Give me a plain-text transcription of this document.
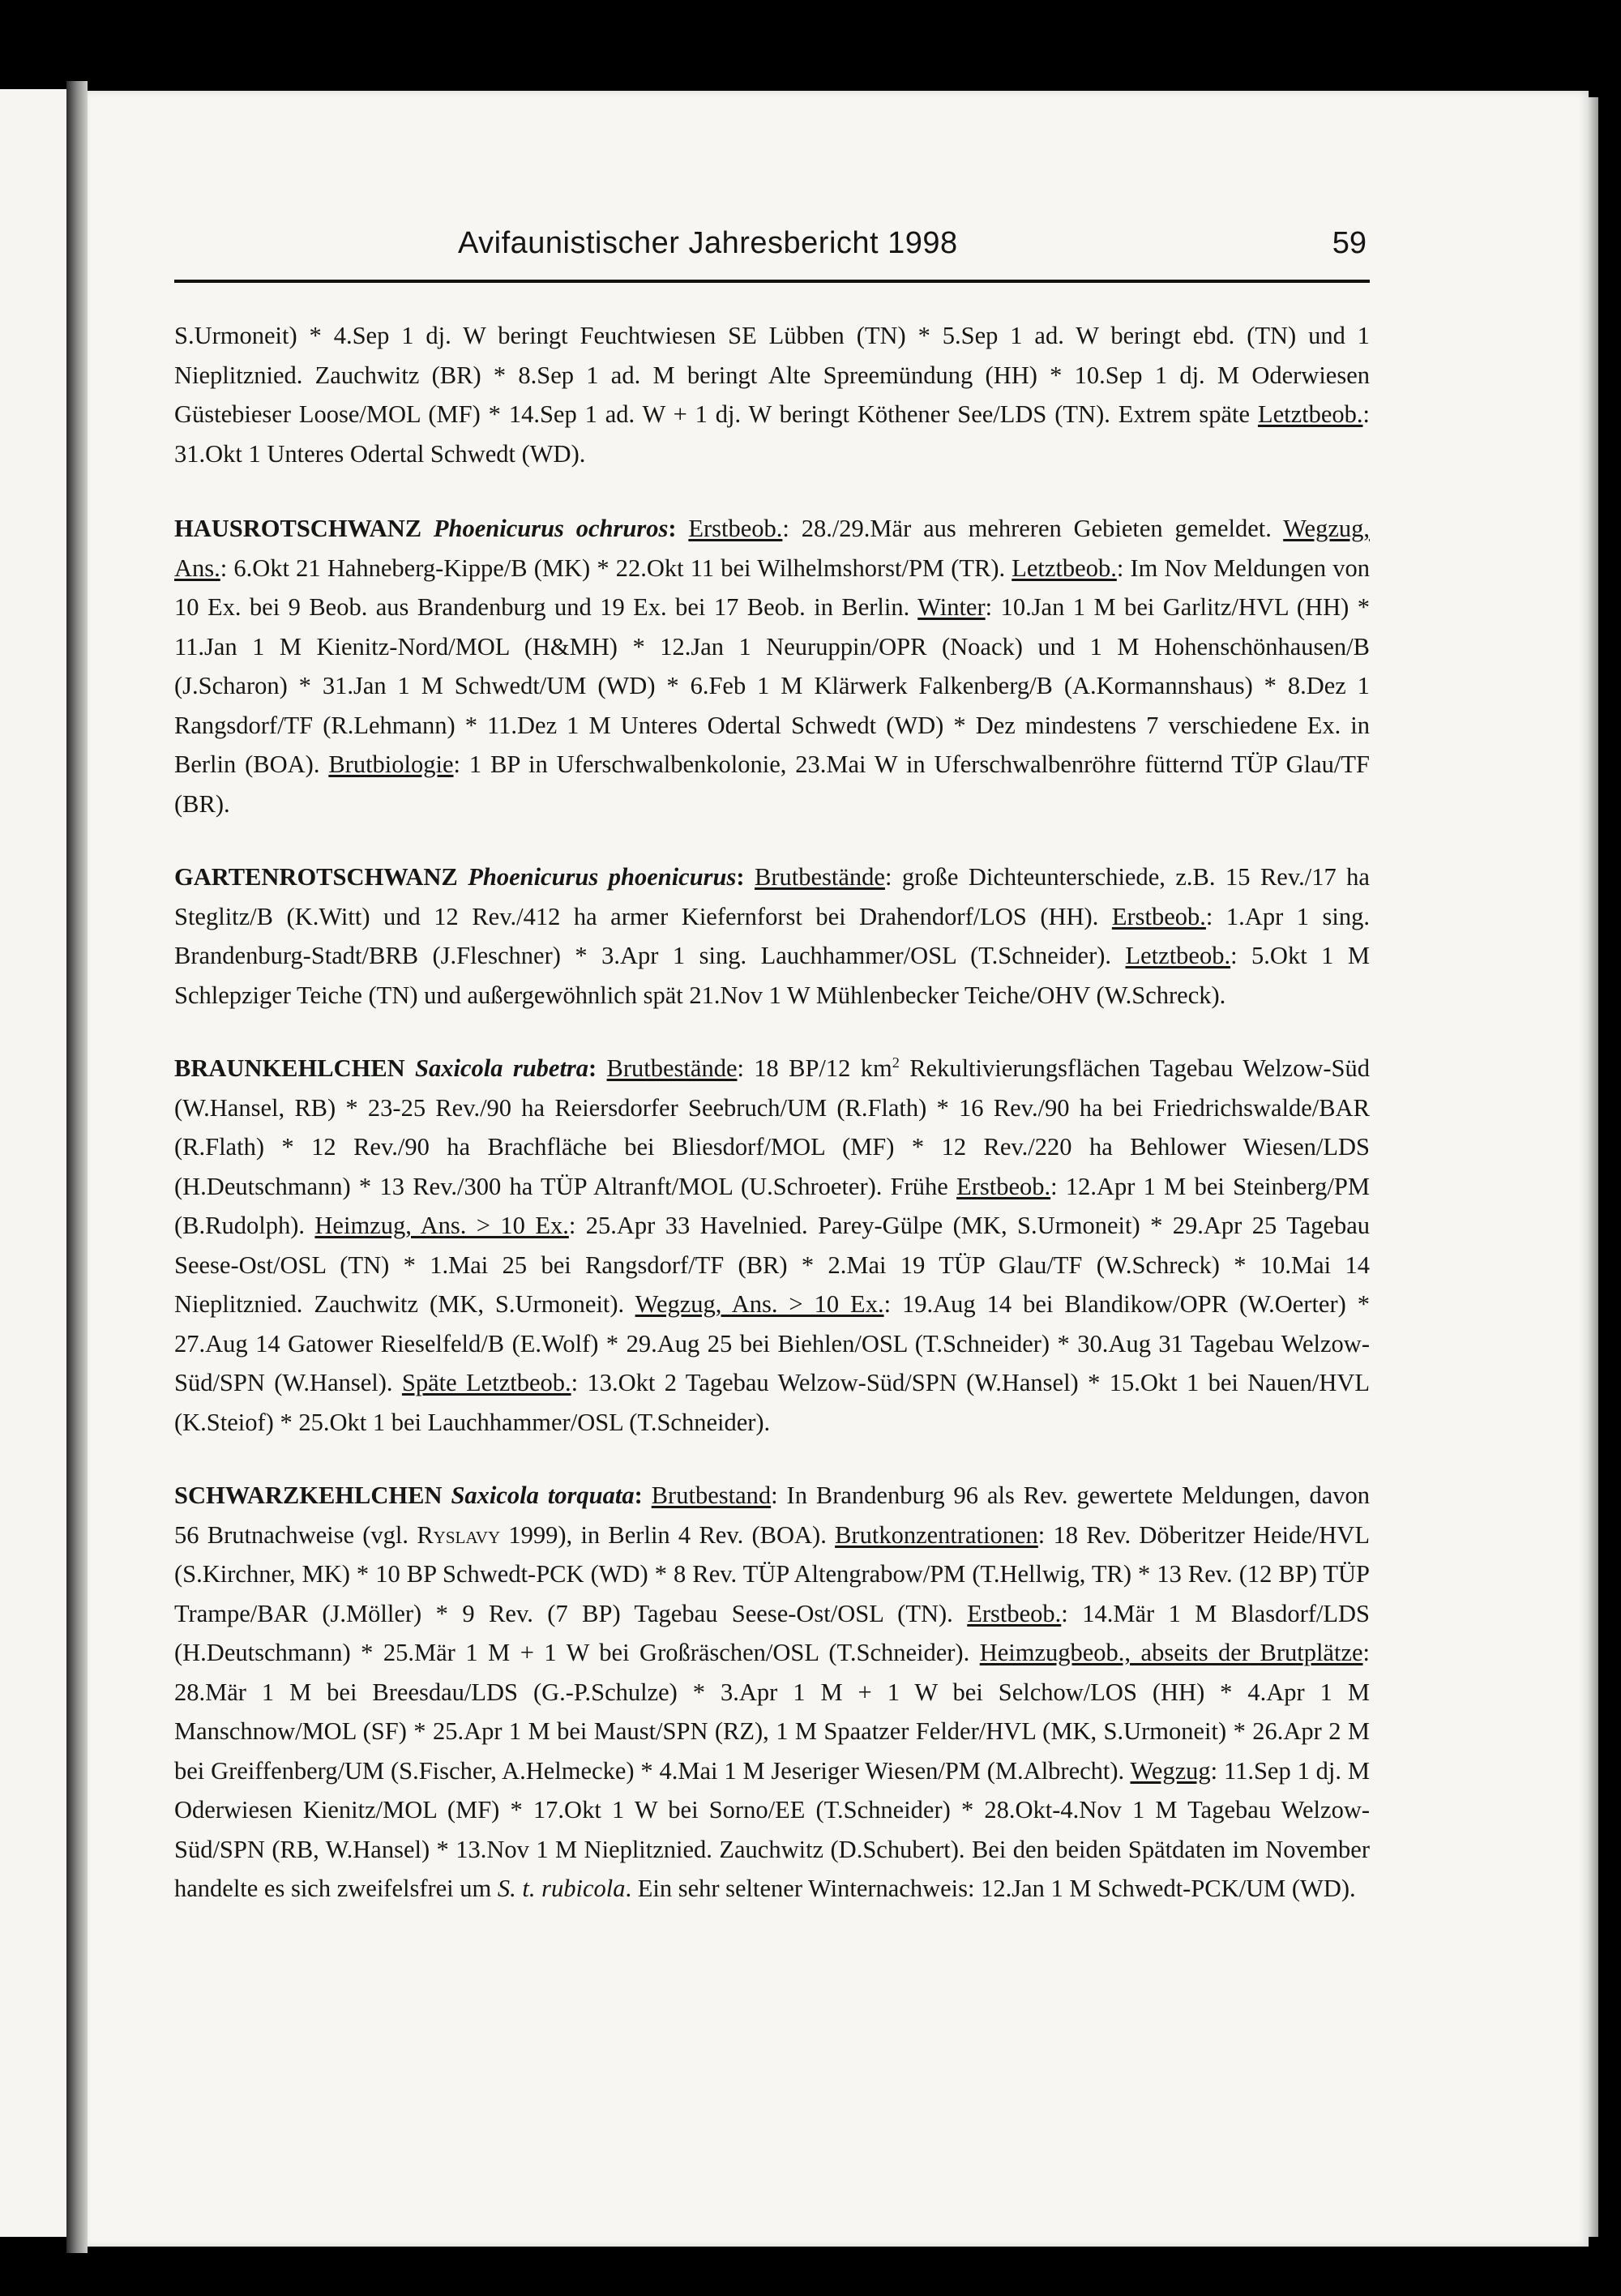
Avifaunistischer Jahresbericht 1998	59

S.Urmoneit) * 4.Sep 1 dj. W beringt Feuchtwiesen SE Lübben (TN) * 5.Sep 1 ad. W beringt ebd. (TN) und 1 Nieplitznied. Zauchwitz (BR) * 8.Sep 1 ad. M beringt Alte Spreemündung (HH) * 10.Sep 1 dj. M Oderwiesen Güstebieser Loose/MOL (MF) * 14.Sep 1 ad. W + 1 dj. W beringt Köthener See/LDS (TN). Extrem späte Letztbeob.: 31.Okt 1 Unteres Odertal Schwedt (WD).

HAUSROTSCHWANZ Phoenicurus ochruros: Erstbeob.: 28./29.Mär aus mehreren Gebieten gemeldet. Wegzug, Ans.: 6.Okt 21 Hahneberg-Kippe/B (MK) * 22.Okt 11 bei Wilhelmshorst/PM (TR). Letztbeob.: Im Nov Meldungen von 10 Ex. bei 9 Beob. aus Brandenburg und 19 Ex. bei 17 Beob. in Berlin. Winter: 10.Jan 1 M bei Garlitz/HVL (HH) * 11.Jan 1 M Kienitz-Nord/MOL (H&MH) * 12.Jan 1 Neuruppin/OPR (Noack) und 1 M Hohenschönhausen/B (J.Scharon) * 31.Jan 1 M Schwedt/UM (WD) * 6.Feb 1 M Klärwerk Falkenberg/B (A.Kormannshaus) * 8.Dez 1 Rangsdorf/TF (R.Lehmann) * 11.Dez 1 M Unteres Odertal Schwedt (WD) * Dez mindestens 7 verschiedene Ex. in Berlin (BOA). Brutbiologie: 1 BP in Uferschwalbenkolonie, 23.Mai W in Uferschwalbenröhre fütternd TÜP Glau/TF (BR).

GARTENROTSCHWANZ Phoenicurus phoenicurus: Brutbestände: große Dichteunterschiede, z.B. 15 Rev./17 ha Steglitz/B (K.Witt) und 12 Rev./412 ha armer Kiefernforst bei Drahendorf/LOS (HH). Erstbeob.: 1.Apr 1 sing. Brandenburg-Stadt/BRB (J.Fleschner) * 3.Apr 1 sing. Lauchhammer/OSL (T.Schneider). Letztbeob.: 5.Okt 1 M Schlepziger Teiche (TN) und außergewöhnlich spät 21.Nov 1 W Mühlenbecker Teiche/OHV (W.Schreck).

BRAUNKEHLCHEN Saxicola rubetra: Brutbestände: 18 BP/12 $km^2$ Rekultivierungsflächen Tagebau Welzow-Süd (W.Hansel, RB) * 23-25 Rev./90 ha Reiersdorfer Seebruch/UM (R.Flath) * 16 Rev./90 ha bei Friedrichswalde/BAR (R.Flath) * 12 Rev./90 ha Brachfläche bei Bliesdorf/MOL (MF) * 12 Rev./220 ha Behlower Wiesen/LDS (H.Deutschmann) * 13 Rev./300 ha TÜP Altranft/MOL (U.Schroeter). Frühe Erstbeob.: 12.Apr 1 M bei Steinberg/PM (B.Rudolph). Heimzug, Ans. > 10 Ex.: 25.Apr 33 Havelnied. Parey-Gülpe (MK, S.Urmoneit) * 29.Apr 25 Tagebau Seese-Ost/OSL (TN) * 1.Mai 25 bei Rangsdorf/TF (BR) * 2.Mai 19 TÜP Glau/TF (W.Schreck) * 10.Mai 14 Nieplitznied. Zauchwitz (MK, S.Urmoneit). Wegzug, Ans. > 10 Ex.: 19.Aug 14 bei Blandikow/OPR (W.Oerter) * 27.Aug 14 Gatower Rieselfeld/B (E.Wolf) * 29.Aug 25 bei Biehlen/OSL (T.Schneider) * 30.Aug 31 Tagebau Welzow-Süd/SPN (W.Hansel). Späte Letztbeob.: 13.Okt 2 Tagebau Welzow-Süd/SPN (W.Hansel) * 15.Okt 1 bei Nauen/HVL (K.Steiof) * 25.Okt 1 bei Lauchhammer/OSL (T.Schneider).

SCHWARZKEHLCHEN Saxicola torquata: Brutbestand: In Brandenburg 96 als Rev. gewertete Meldungen, davon 56 Brutnachweise (vgl. Ryslavy 1999), in Berlin 4 Rev. (BOA). Brutkonzentrationen: 18 Rev. Döberitzer Heide/HVL (S.Kirchner, MK) * 10 BP Schwedt-PCK (WD) * 8 Rev. TÜP Altengrabow/PM (T.Hellwig, TR) * 13 Rev. (12 BP) TÜP Trampe/BAR (J.Möller) * 9 Rev. (7 BP) Tagebau Seese-Ost/OSL (TN). Erstbeob.: 14.Mär 1 M Blasdorf/LDS (H.Deutschmann) * 25.Mär 1 M + 1 W bei Großräschen/OSL (T.Schneider). Heimzugbeob., abseits der Brutplätze: 28.Mär 1 M bei Breesdau/LDS (G.-P.Schulze) * 3.Apr 1 M + 1 W bei Selchow/LOS (HH) * 4.Apr 1 M Manschnow/MOL (SF) * 25.Apr 1 M bei Maust/SPN (RZ), 1 M Spaatzer Felder/HVL (MK, S.Urmoneit) * 26.Apr 2 M bei Greiffenberg/UM (S.Fischer, A.Helmecke) * 4.Mai 1 M Jeseriger Wiesen/PM (M.Albrecht). Wegzug: 11.Sep 1 dj. M Oderwiesen Kienitz/MOL (MF) * 17.Okt 1 W bei Sorno/EE (T.Schneider) * 28.Okt-4.Nov 1 M Tagebau Welzow-Süd/SPN (RB, W.Hansel) * 13.Nov 1 M Nieplitznied. Zauchwitz (D.Schubert). Bei den beiden Spätdaten im November handelte es sich zweifelsfrei um S. t. rubicola. Ein sehr seltener Winternachweis: 12.Jan 1 M Schwedt-PCK/UM (WD).
